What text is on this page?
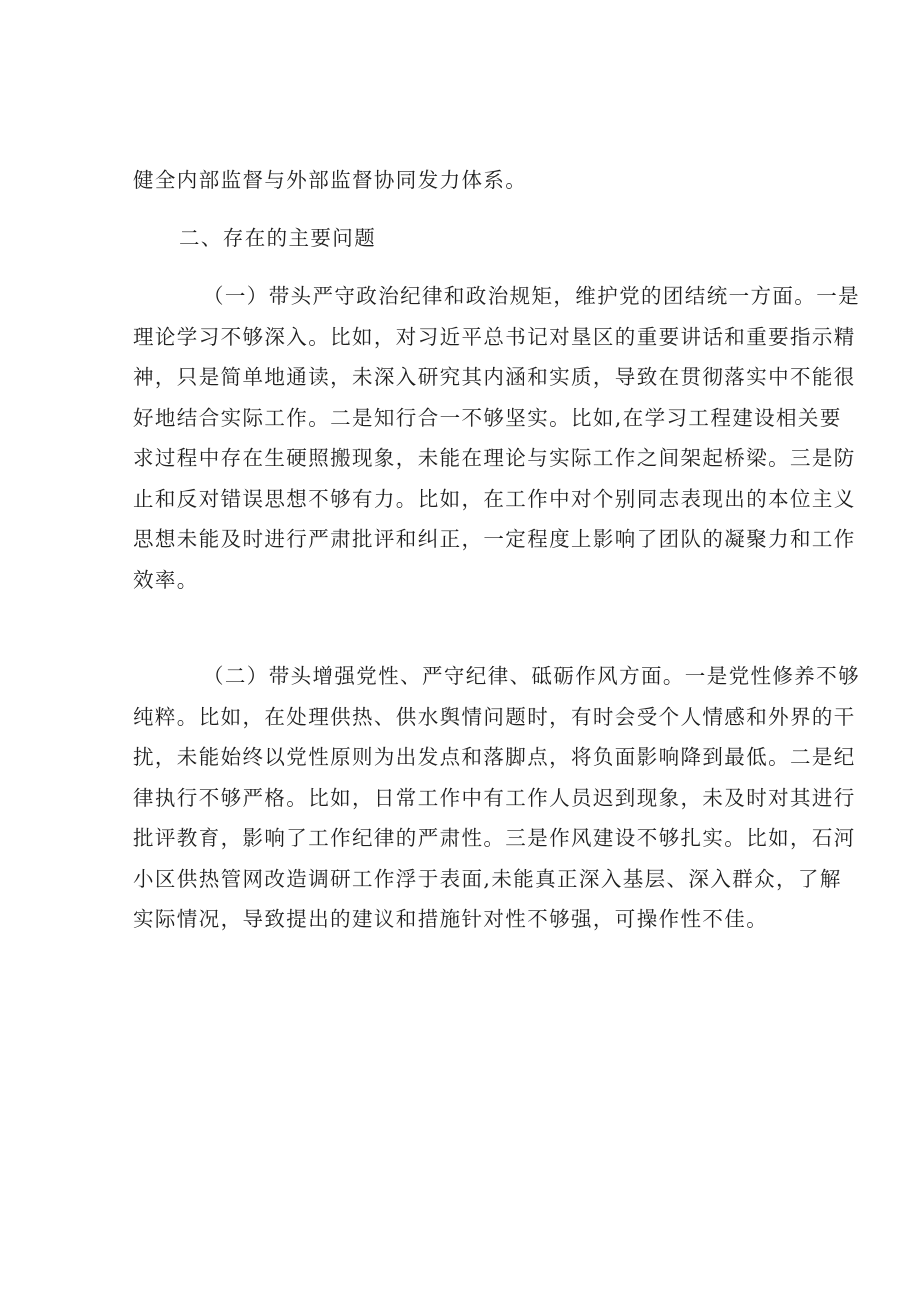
健全内部监督与外部监督协同发力体系。
二、存在的主要问题
（一）带头严守政治纪律和政治规矩，维护党的团结统一方面。一是
理论学习不够深入。比如，对习近平总书记对垦区的重要讲话和重要指示精
神，只是简单地通读，未深入研究其内涵和实质，导致在贯彻落实中不能很
好地结合实际工作。二是知行合一不够坚实。比如,在学习工程建设相关要
求过程中存在生硬照搬现象，未能在理论与实际工作之间架起桥梁。三是防
止和反对错误思想不够有力。比如，在工作中对个别同志表现出的本位主义
思想未能及时进行严肃批评和纠正，一定程度上影响了团队的凝聚力和工作
效率。
（二）带头增强党性、严守纪律、砥砺作风方面。一是党性修养不够
纯粹。比如，在处理供热、供水舆情问题时，有时会受个人情感和外界的干
扰，未能始终以党性原则为出发点和落脚点，将负面影响降到最低。二是纪
律执行不够严格。比如，日常工作中有工作人员迟到现象，未及时对其进行
批评教育，影响了工作纪律的严肃性。三是作风建设不够扎实。比如，石河
小区供热管网改造调研工作浮于表面,未能真正深入基层、深入群众，了解
实际情况，导致提出的建议和措施针对性不够强，可操作性不佳。
